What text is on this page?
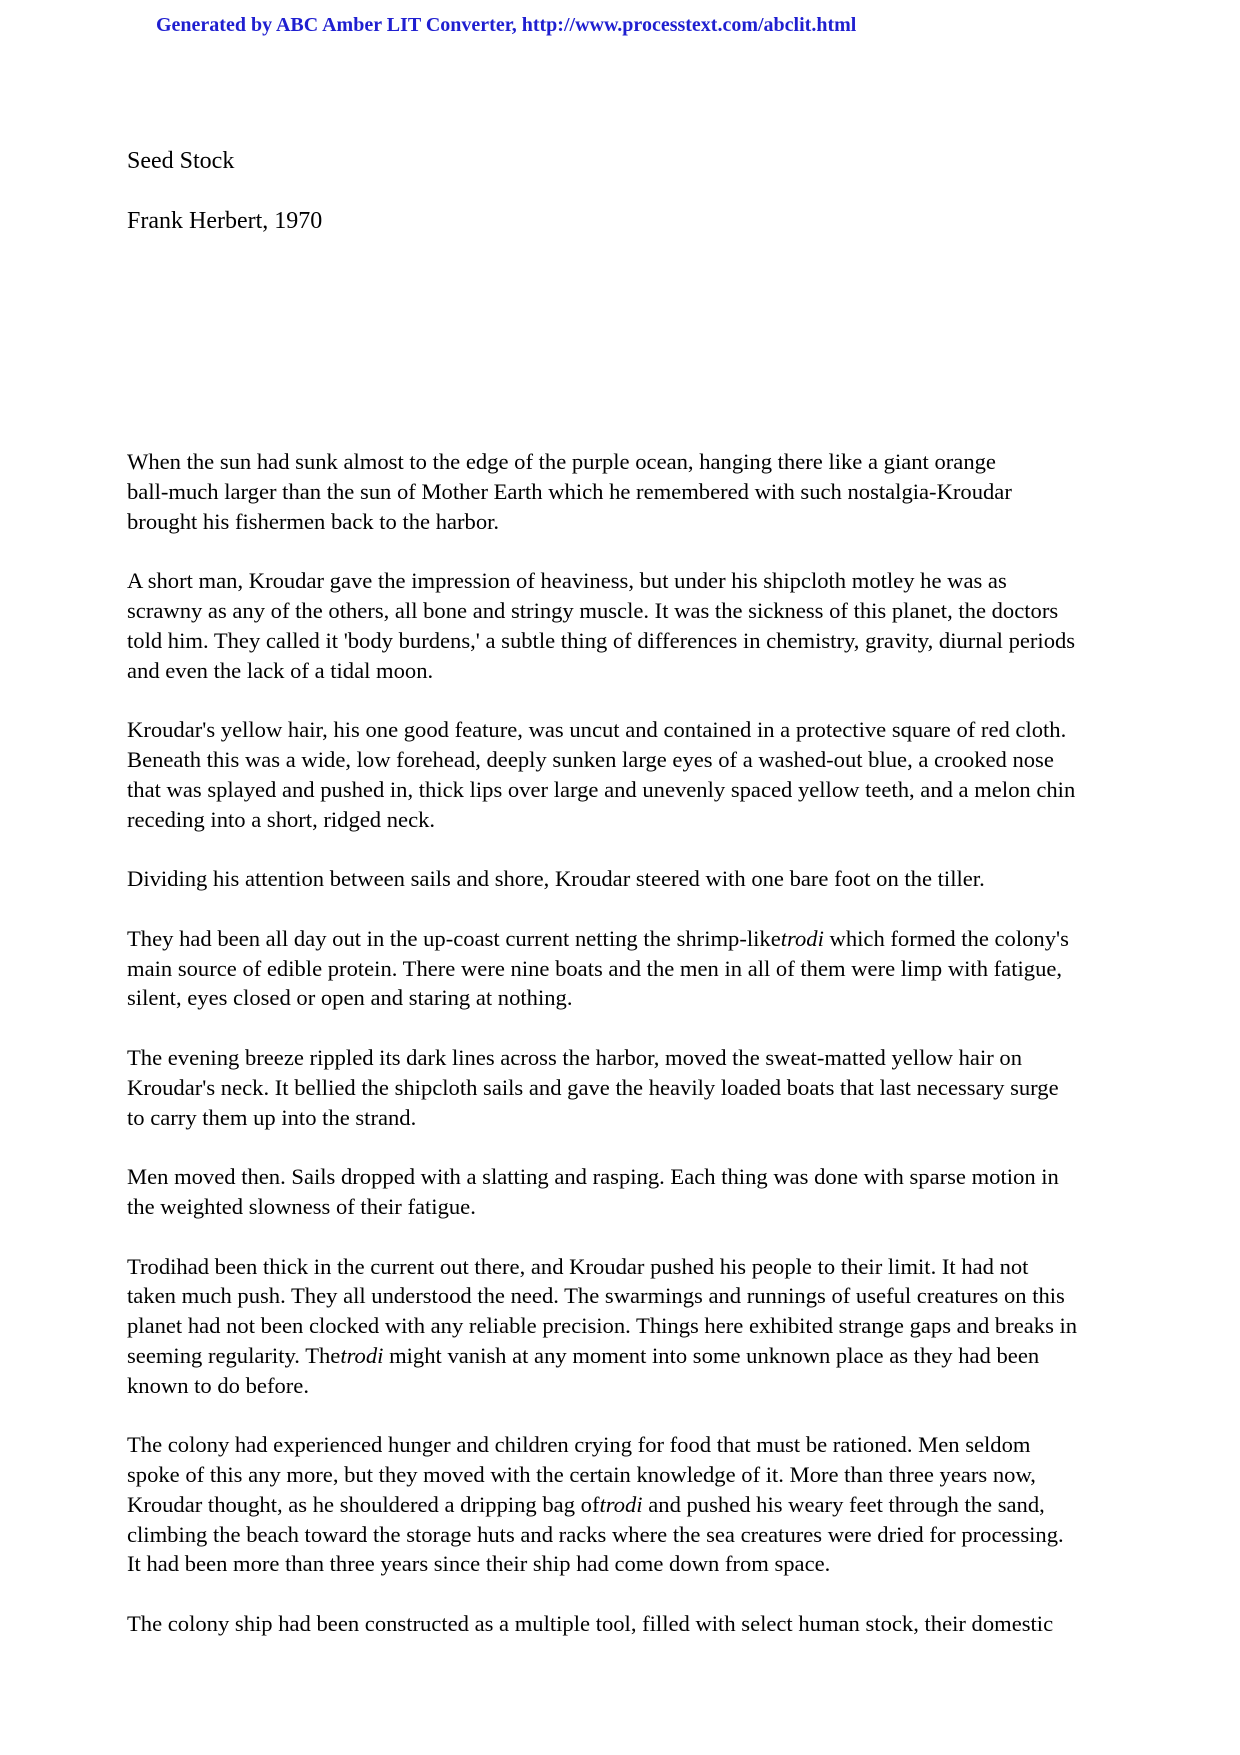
Generated by ABC Amber LIT Converter, http://www.processtext.com/abclit.html
Seed Stock
Frank Herbert, 1970

When the sun had sunk almost to the edge of the purple ocean, hanging there like a giant orange
ball-much larger than the sun of Mother Earth which he remembered with such nostalgia-Kroudar
brought his fishermen back to the harbor.

A short man, Kroudar gave the impression of heaviness, but under his shipcloth motley he was as
scrawny as any of the others, all bone and stringy muscle. It was the sickness of this planet, the doctors
told him. They called it 'body burdens,' a subtle thing of differences in chemistry, gravity, diurnal periods
and even the lack of a tidal moon.

Kroudar's yellow hair, his one good feature, was uncut and contained in a protective square of red cloth.
Beneath this was a wide, low forehead, deeply sunken large eyes of a washed-out blue, a crooked nose
that was splayed and pushed in, thick lips over large and unevenly spaced yellow teeth, and a melon chin
receding into a short, ridged neck.

Dividing his attention between sails and shore, Kroudar steered with one bare foot on the tiller.

They had been all day out in the up-coast current netting the shrimp-liketrodi which formed the colony's
main source of edible protein. There were nine boats and the men in all of them were limp with fatigue,
silent, eyes closed or open and staring at nothing.

The evening breeze rippled its dark lines across the harbor, moved the sweat-matted yellow hair on
Kroudar's neck. It bellied the shipcloth sails and gave the heavily loaded boats that last necessary surge
to carry them up into the strand.

Men moved then. Sails dropped with a slatting and rasping. Each thing was done with sparse motion in
the weighted slowness of their fatigue.

Trodihad been thick in the current out there, and Kroudar pushed his people to their limit. It had not
taken much push. They all understood the need. The swarmings and runnings of useful creatures on this
planet had not been clocked with any reliable precision. Things here exhibited strange gaps and breaks in
seeming regularity. Thetrodi might vanish at any moment into some unknown place as they had been
known to do before.

The colony had experienced hunger and children crying for food that must be rationed. Men seldom
spoke of this any more, but they moved with the certain knowledge of it. More than three years now,
Kroudar thought, as he shouldered a dripping bag oftrodi and pushed his weary feet through the sand,
climbing the beach toward the storage huts and racks where the sea creatures were dried for processing.
It had been more than three years since their ship had come down from space.

The colony ship had been constructed as a multiple tool, filled with select human stock, their domestic
